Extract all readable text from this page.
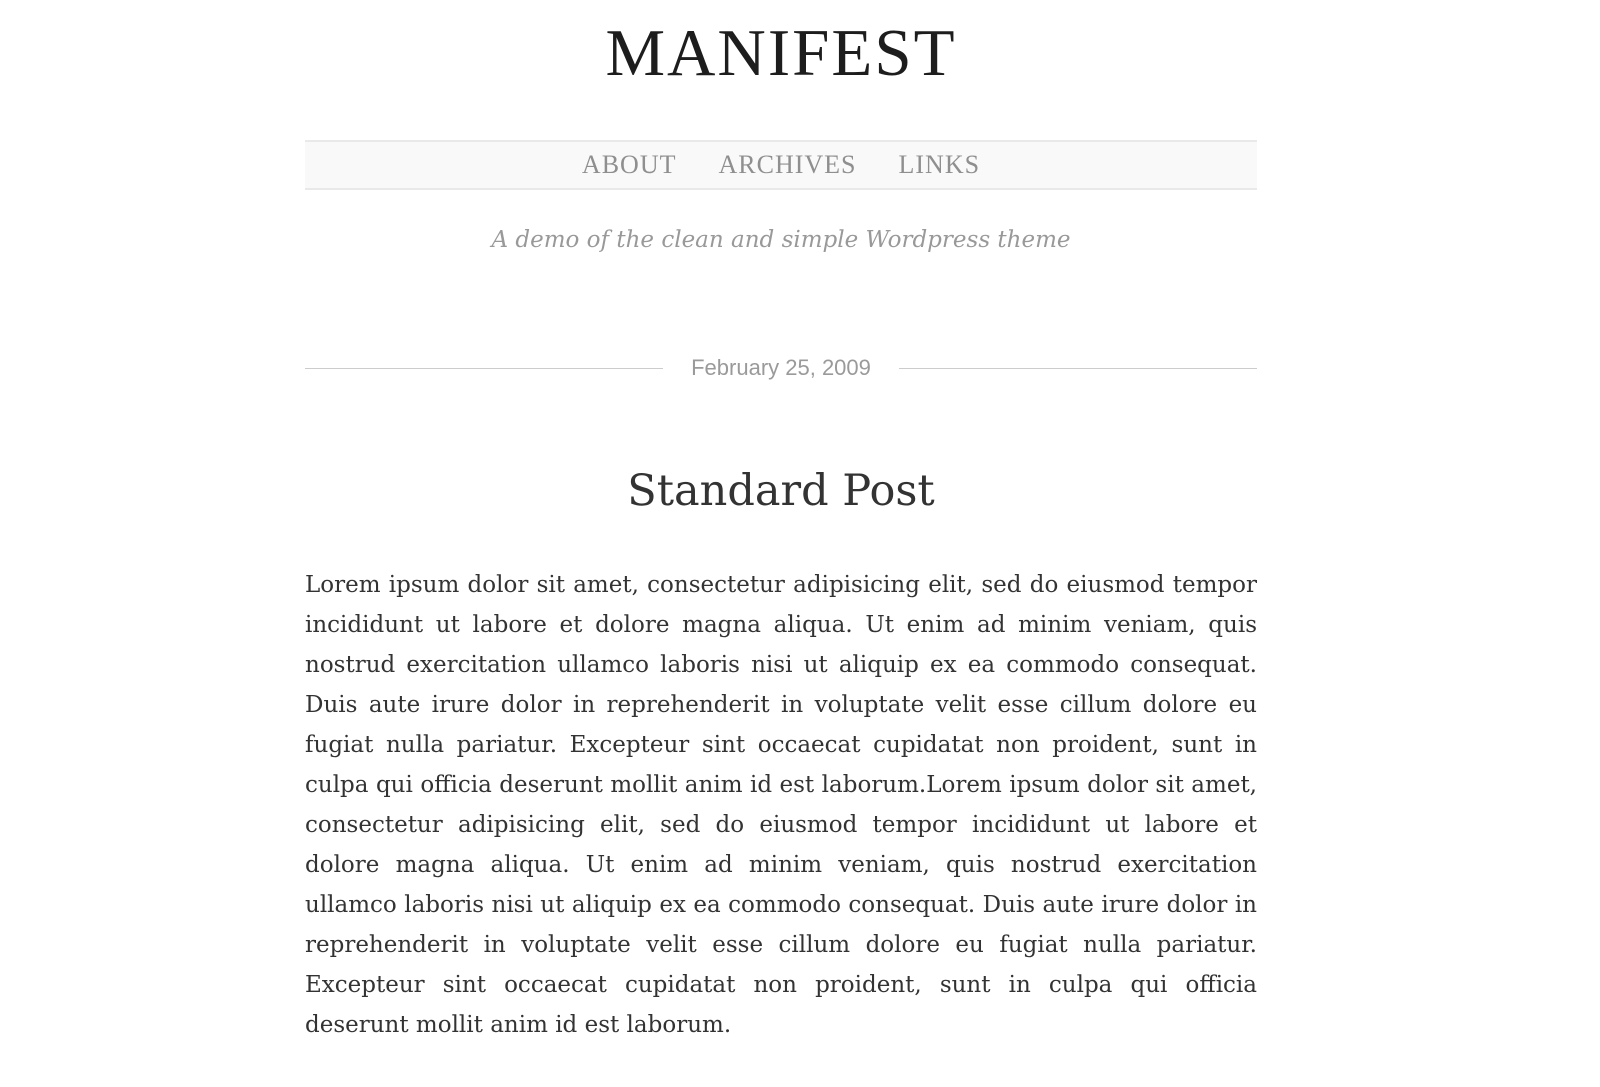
MANIFEST
ABOUT ARCHIVES LINKS

A demo of the clean and simple Wordpress theme

February 25, 2009
Standard Post

Lorem ipsum dolor sit amet, consectetur adipisicing elit, sed do eiusmod tempor incididunt ut labore et dolore magna aliqua. Ut enim ad minim veniam, quis nostrud exercitation ullamco laboris nisi ut aliquip ex ea commodo consequat. Duis aute irure dolor in reprehenderit in voluptate velit esse cillum dolore eu fugiat nulla pariatur. Excepteur sint occaecat cupidatat non proident, sunt in culpa qui officia deserunt mollit anim id est laborum.Lorem ipsum dolor sit amet, consectetur adipisicing elit, sed do eiusmod tempor incididunt ut labore et dolore magna aliqua. Ut enim ad minim veniam, quis nostrud exercitation ullamco laboris nisi ut aliquip ex ea commodo consequat. Duis aute irure dolor in reprehenderit in voluptate velit esse cillum dolore eu fugiat nulla pariatur. Excepteur sint occaecat cupidatat non proident, sunt in culpa qui officia deserunt mollit anim id est laborum.
